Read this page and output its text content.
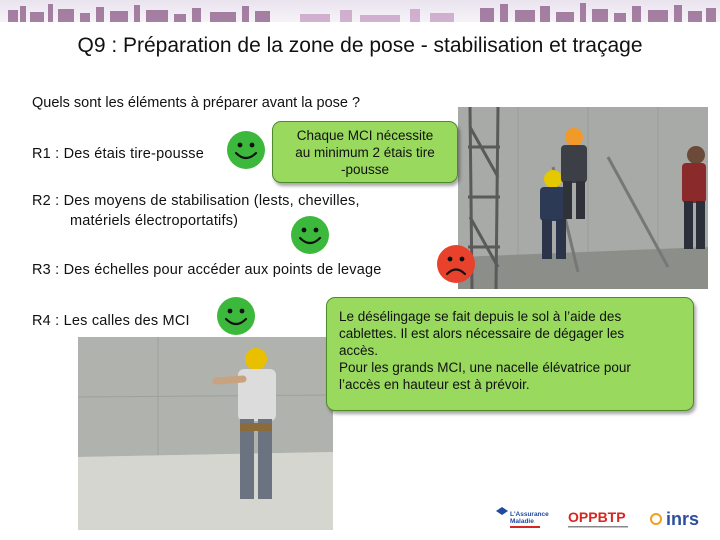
Q9 : Préparation de la zone de pose - stabilisation et traçage
Quels sont les éléments à préparer avant la pose ?
R1 : Des étais tire-pousse
R2 : Des moyens de stabilisation (lests, chevilles,
matériels électroportatifs)
R3 : Des échelles pour accéder aux points de levage
R4 : Les calles des MCI
Chaque MCI nécessite
au minimum 2 étais tire
-pousse
Le désélingage se fait depuis le sol à l’aide des
cablettes. Il est alors nécessaire de dégager les
accès.
Pour les grands MCI, une nacelle élévatrice pour
l’accès en hauteur est à prévoir.
L'Assurance
Maladie OPPBTP inrs
